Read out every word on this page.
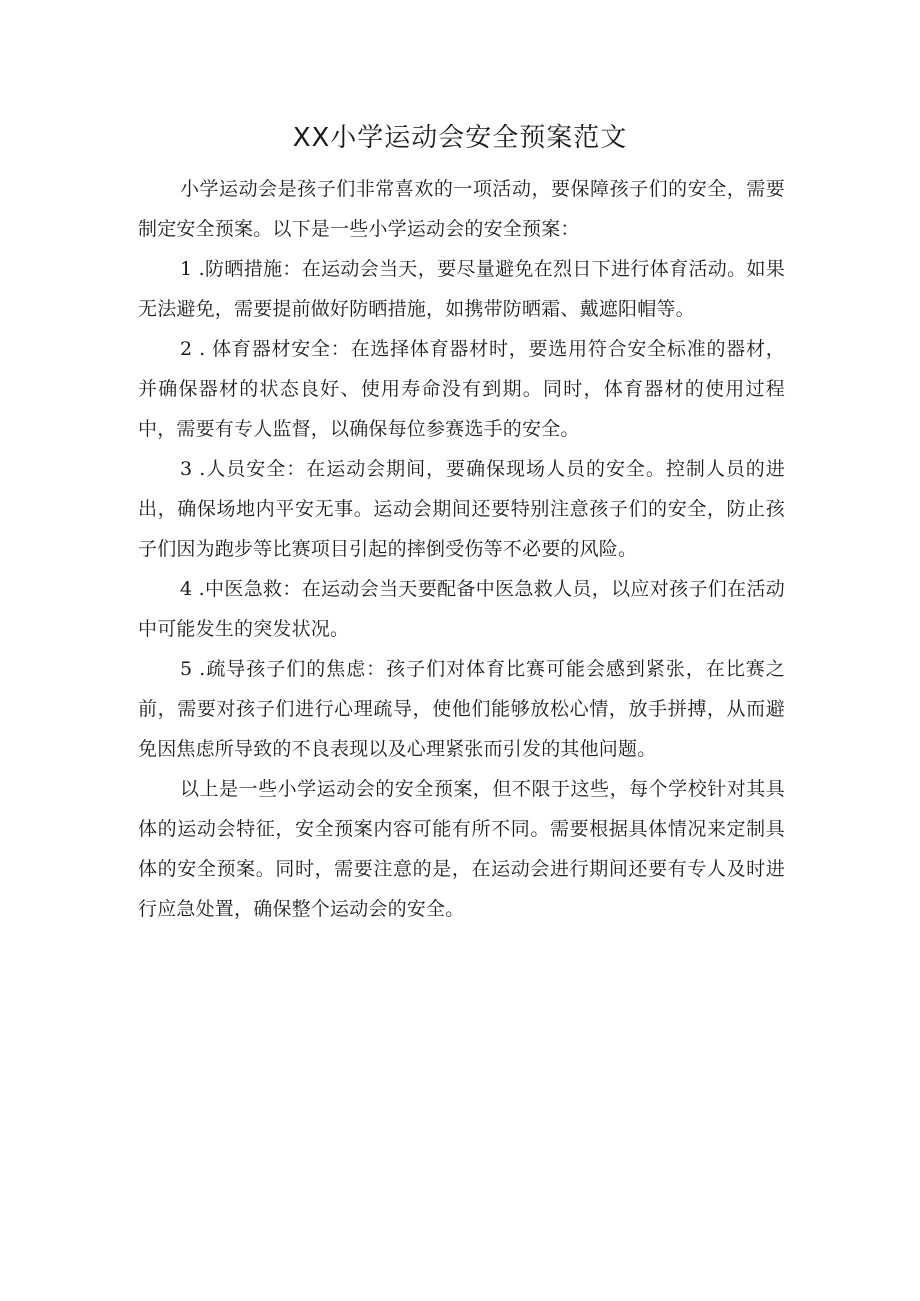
XX小学运动会安全预案范文

小学运动会是孩子们非常喜欢的一项活动，要保障孩子们的安全，需要制定安全预案。以下是一些小学运动会的安全预案：

1 .防晒措施：在运动会当天，要尽量避免在烈日下进行体育活动。如果无法避免，需要提前做好防晒措施，如携带防晒霜、戴遮阳帽等。

2 . 体育器材安全：在选择体育器材时，要选用符合安全标准的器材，并确保器材的状态良好、使用寿命没有到期。同时，体育器材的使用过程中，需要有专人监督，以确保每位参赛选手的安全。

3 .人员安全：在运动会期间，要确保现场人员的安全。控制人员的进出，确保场地内平安无事。运动会期间还要特别注意孩子们的安全，防止孩子们因为跑步等比赛项目引起的摔倒受伤等不必要的风险。

4 .中医急救：在运动会当天要配备中医急救人员，以应对孩子们在活动中可能发生的突发状况。

5 .疏导孩子们的焦虑：孩子们对体育比赛可能会感到紧张，在比赛之前，需要对孩子们进行心理疏导，使他们能够放松心情，放手拼搏，从而避免因焦虑所导致的不良表现以及心理紧张而引发的其他问题。

以上是一些小学运动会的安全预案，但不限于这些，每个学校针对其具体的运动会特征，安全预案内容可能有所不同。需要根据具体情况来定制具体的安全预案。同时，需要注意的是，在运动会进行期间还要有专人及时进行应急处置，确保整个运动会的安全。
